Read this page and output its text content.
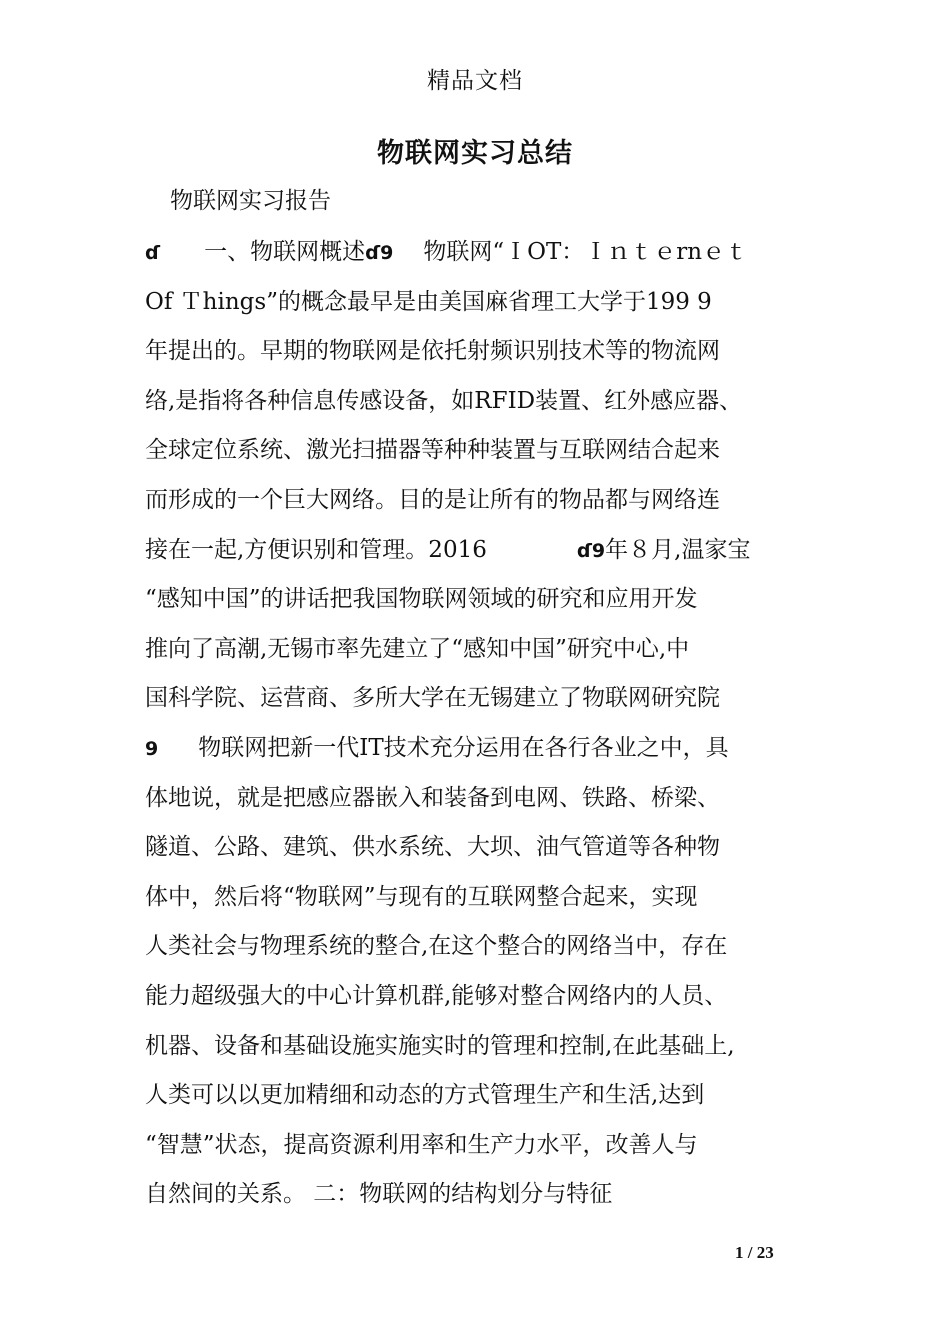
精品文档
物联网实习总结
物联网实习报告
ɗ 一、物联网概述ɗ9 物联网“ＩOT：Ｉｎｔｅrnｅｔ
Of Ｔhings”的概念最早是由美国麻省理工大学于199 9
年提出的。早期的物联网是依托射频识别技术等的物流网
络,是指将各种信息传感设备，如RFID装置、红外感应器、
全球定位系统、激光扫描器等种种装置与互联网结合起来
而形成的一个巨大网络。目的是让所有的物品都与网络连
接在一起,方便识别和管理。2016	ɗ9年８月,温家宝
“感知中国”的讲话把我国物联网领域的研究和应用开发
推向了高潮,无锡市率先建立了“感知中国”研究中心,中
国科学院、运营商、多所大学在无锡建立了物联网研究院
9 物联网把新一代IT技术充分运用在各行各业之中，具
体地说，就是把感应器嵌入和装备到电网、铁路、桥梁、
隧道、公路、建筑、供水系统、大坝、油气管道等各种物
体中，然后将“物联网”与现有的互联网整合起来，实现
人类社会与物理系统的整合,在这个整合的网络当中，存在
能力超级强大的中心计算机群,能够对整合网络内的人员、
机器、设备和基础设施实施实时的管理和控制,在此基础上,
人类可以以更加精细和动态的方式管理生产和生活,达到
“智慧”状态，提高资源利用率和生产力水平，改善人与
自然间的关系。 二：物联网的结构划分与特征
1 / 23
